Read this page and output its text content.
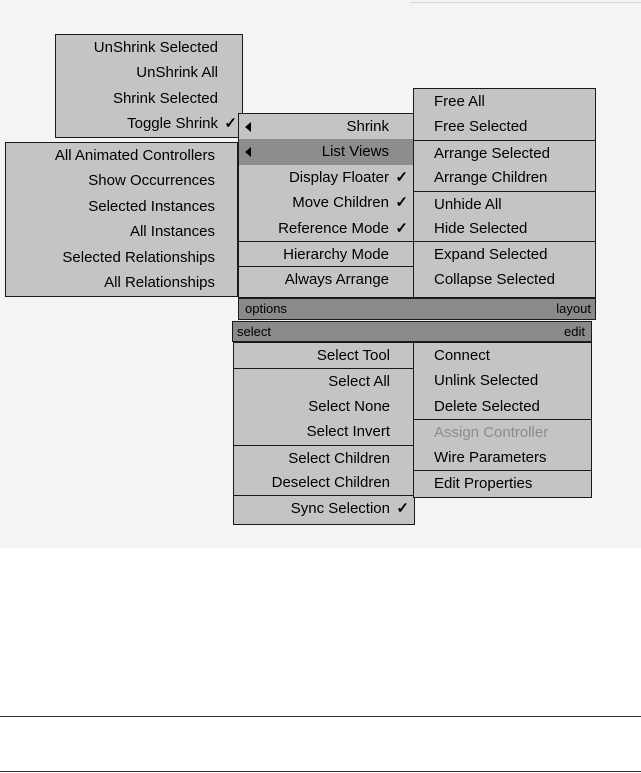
UnShrink Selected
UnShrink All
Shrink Selected
Toggle Shrink ✓	Shrink
List Views
Display Floater ✓
Move Children ✓
Reference Mode ✓
Hierarchy Mode
Always Arrange
All Animated Controllers
Show Occurrences
Selected Instances
All Instances
Selected Relationships
All Relationships
Free All
Free Selected
Arrange Selected
Arrange Children
Unhide All
Hide Selected
Expand Selected
Collapse Selected
options	layout
select	edit
Select Tool
Select All
Select None
Select Invert
Select Children
Deselect Children
Sync Selection ✓
Connect
Unlink Selected
Delete Selected
Assign Controller
Wire Parameters
Edit Properties
